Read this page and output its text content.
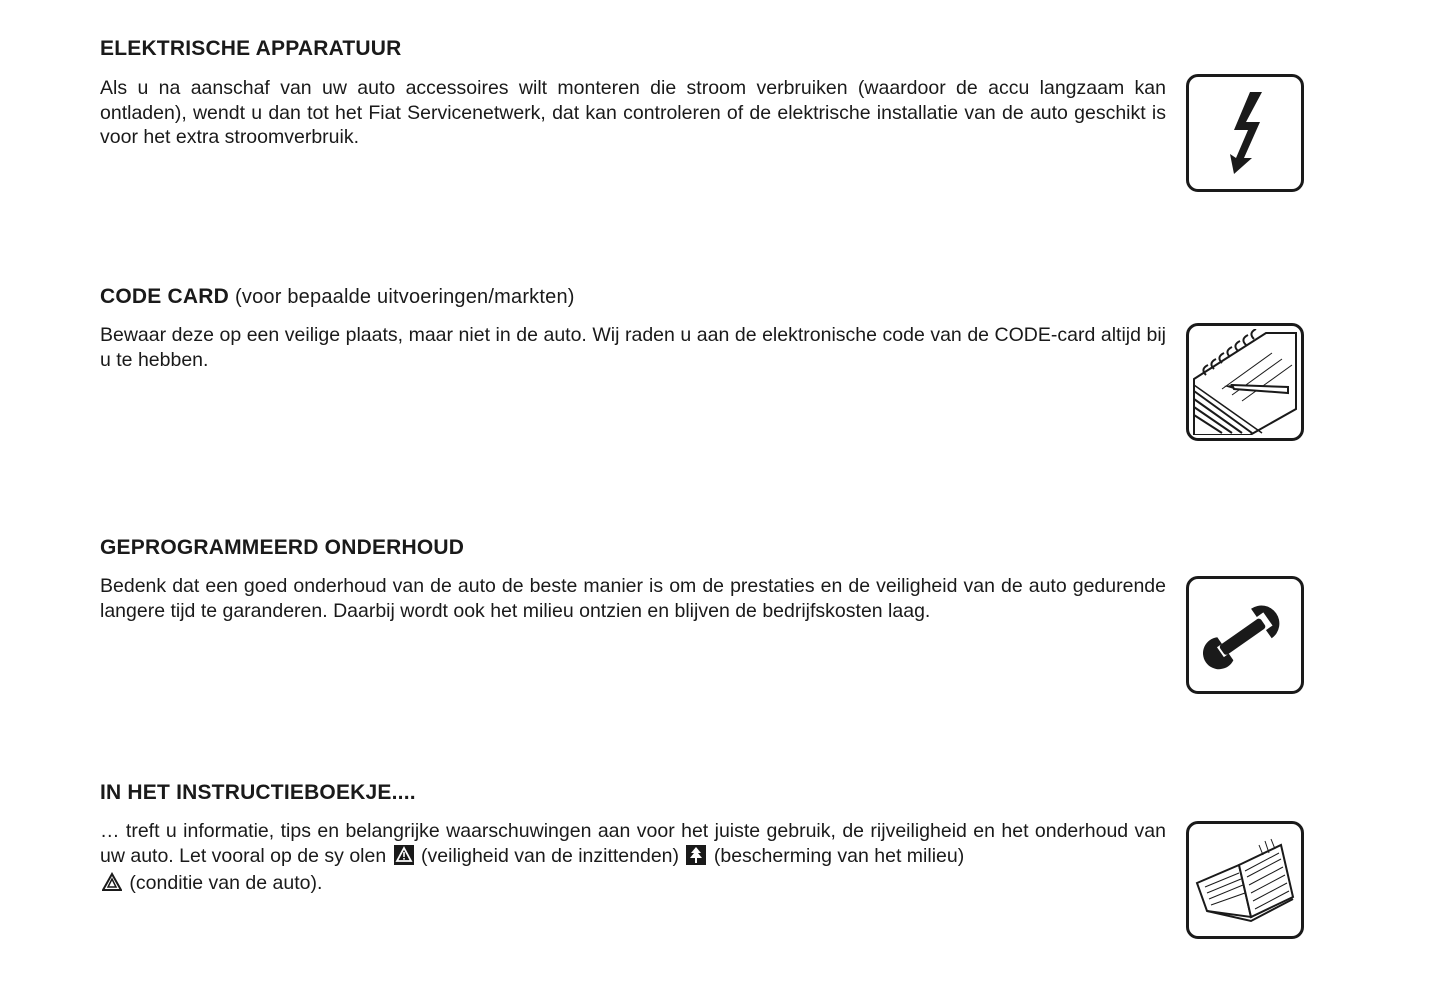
ELEKTRISCHE APPARATUUR

Als u na aanschaf van uw auto accessoires wilt monteren die stroom verbruiken (waardoor de accu langzaam kan ontladen), wendt u dan tot het Fiat Servicenetwerk, dat kan controleren of de elektrische installatie van de auto geschikt is voor het extra stroomverbruik.

CODE CARD (voor bepaalde uitvoeringen/markten)

Bewaar deze op een veilige plaats, maar niet in de auto. Wij raden u aan de elektronische code van de CODE-card altijd bij u te hebben.

GEPROGRAMMEERD ONDERHOUD

Bedenk dat een goed onderhoud van de auto de beste manier is om de prestaties en de veiligheid van de auto gedurende langere tijd te garanderen. Daarbij wordt ook het milieu ontzien en blijven de bedrijfskosten laag.

IN HET INSTRUCTIEBOEKJE....

… treft u informatie, tips en belangrijke waarschuwingen aan voor het juiste gebruik, de rijveiligheid en het onderhoud van uw auto. Let vooral op de sy olen (veiligheid van de inzittenden) (bescherming van het milieu)
(conditie van de auto).
